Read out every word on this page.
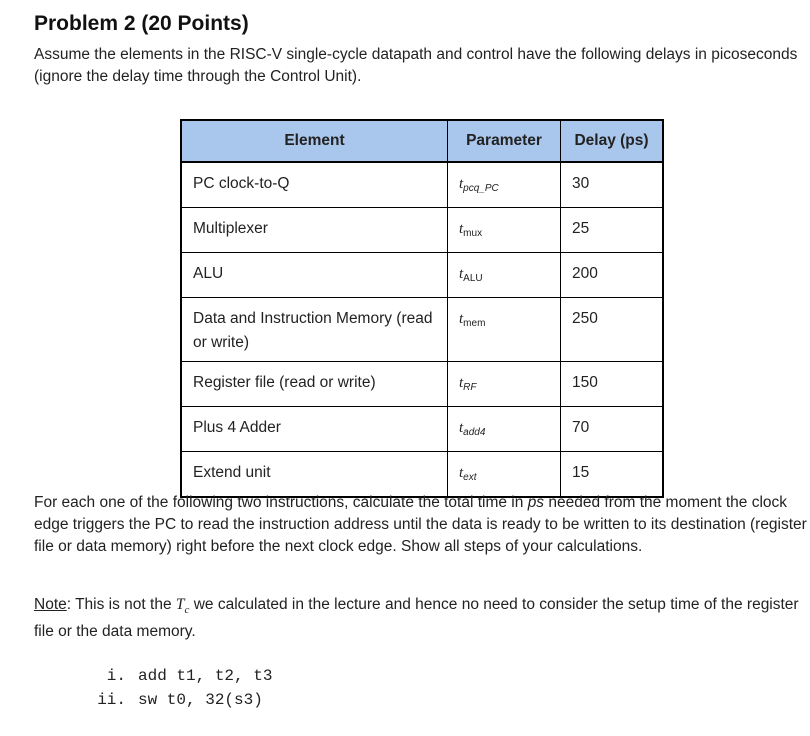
Problem 2 (20 Points)

Assume the elements in the RISC-V single-cycle datapath and control have the following delays in picoseconds (ignore the delay time through the Control Unit).

Element	Parameter	Delay (ps)
PC clock-to-Q	$t_{pcq\_PC}$	30
Multiplexer	$t_{mux}$	25
ALU	$t_{ALU}$	200
Data and Instruction Memory (read or write)	$t_{mem}$	250
Register file (read or write)	$t_{RF}$	150
Plus 4 Adder	$t_{add4}$	70
Extend unit	$t_{ext}$	15

For each one of the following two instructions, calculate the total time in ps needed from the moment the clock edge triggers the PC to read the instruction address until the data is ready to be written to its destination (register file or data memory) right before the next clock edge. Show all steps of your calculations.

Note: This is not the $T_c$ we calculated in the lecture and hence no need to consider the setup time of the register file or the data memory.

i. add t1, t2, t3
ii. sw t0, 32(s3)
